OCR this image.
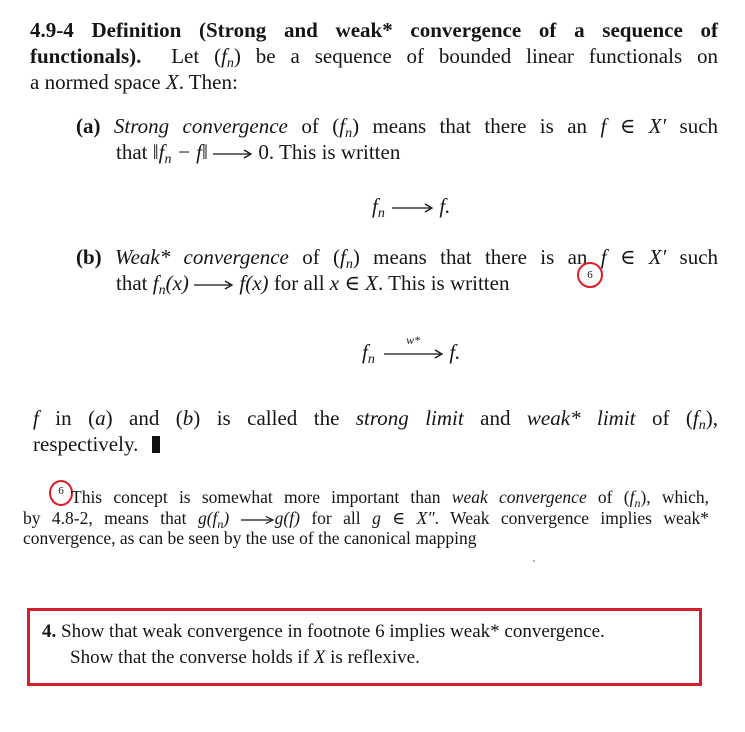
4.9-4 Definition (Strong and weak* convergence of a sequence of
functionals). Let $(f_n)$ be a sequence of bounded linear functionals on
a normed space X. Then:
(a) Strong convergence of $(f_n)$ means that there is an f ∈ X′ such
that $‖f_n$ − f‖  0. This is written
$f_n$	f.
(b) Weak* convergence of $(f_n)$ means that there is an f ∈ X′ such
that $f_n(x)$ f(x) for all x ∈ X. This is written	6
$f_n$
w* f.
f in (a) and (b) is called the strong limit and weak* limit of $(f_n)$,
respectively.
6 This concept is somewhat more important than weak convergence of $(f_n)$, which,
by 4.8-2, means that $g(f_n)$	g(f) for all g ∈ X″. Weak convergence implies weak*
convergence, as can be seen by the use of the canonical mapping
4. Show that weak convergence in footnote 6 implies weak* convergence.
Show that the converse holds if X is reflexive.
